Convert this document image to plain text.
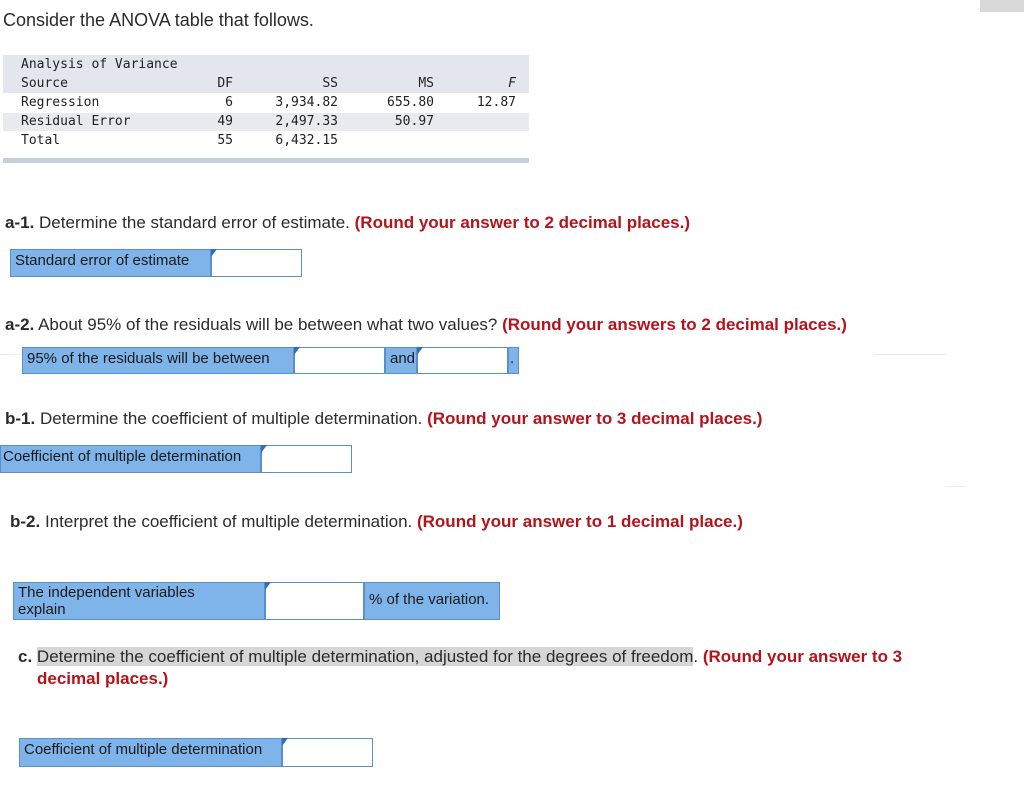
Consider the ANOVA table that follows.
Analysis of Variance
Source	DF	SS	MS	F
Regression	6	3,934.82	655.80	12.87
Residual Error	49	2,497.33	50.97
Total	55	6,432.15
a-1. Determine the standard error of estimate. (Round your answer to 2 decimal places.)
Standard error of estimate
a-2. About 95% of the residuals will be between what two values? (Round your answers to 2 decimal places.)
95% of the residuals will be between	and	.
b-1. Determine the coefficient of multiple determination. (Round your answer to 3 decimal places.)
Coefficient of multiple determination
b-2. Interpret the coefficient of multiple determination. (Round your answer to 1 decimal place.)
The independent variables
explain
% of the variation.
c. Determine the coefficient of multiple determination, adjusted for the degrees of freedom. (Round your answer to 3
decimal places.)
Coefficient of multiple determination
